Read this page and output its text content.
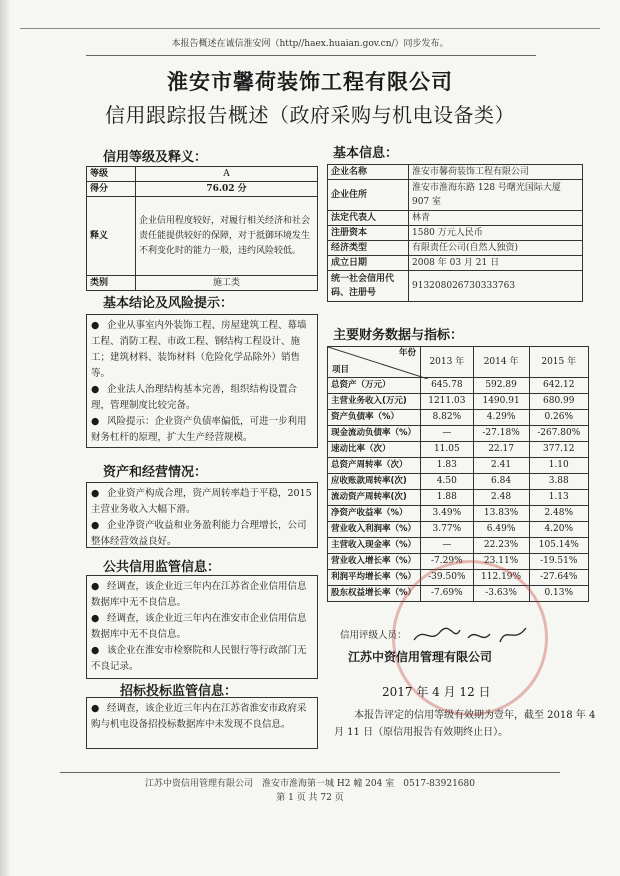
本报告概述在诚信淮安网（http//haex.huaian.gov.cn/）同步发布。
淮安市馨荷装饰工程有限公司
信用跟踪报告概述（政府采购与机电设备类）
信用等级及释义：
等级	A
得分	76.02 分
释义	企业信用程度较好，对履行相关经济和社会责任能提供较好的保障，对于抵御环境发生不利变化时的能力一般，违约风险较低。
类别	施工类
基本信息：
企业名称	淮安市馨荷装饰工程有限公司
企业住所	淮安市淮海东路 128 号曙光国际大厦 907 室
法定代表人	林青
注册资本	1580 万元人民币
经济类型	有限责任公司(自然人独资)
成立日期	2008 年 03 月 21 日
统一社会信用代码、注册号	913208026730333763
基本结论及风险提示：

● 企业从事室内外装饰工程、房屋建筑工程、幕墙工程、消防工程、市政工程、钢结构工程设计、施工；建筑材料、装饰材料（危险化学品除外）销售等。

● 企业法人治理结构基本完善，组织结构设置合理，管理制度比较完备。

● 风险提示：企业资产负债率偏低，可进一步利用财务杠杆的原理，扩大生产经营规模。

资产和经营情况：

● 企业资产构成合理，资产周转率趋于平稳，2015 主营业务收入大幅下滑。

● 企业净资产收益和业务盈利能力合理增长，公司整体经营效益良好。

公共信用监管信息：

● 经调查，该企业近三年内在江苏省企业信用信息数据库中无不良信息。

● 经调查，该企业近三年内在淮安市企业信用信息数据库中无不良信息。

● 该企业在淮安市检察院和人民银行等行政部门无不良记录。

招标投标监管信息：

● 经调查，该企业近三年内在江苏省淮安市政府采购与机电设备招投标数据库中未发现不良信息。

主要财务数据与指标：
年份
项目	2013 年	2014 年	2015 年
总资产（万元）	645.78	592.89	642.12
主营业务收入(万元)	1211.03	1490.91	680.99
资产负债率（%）	8.82%	4.29%	0.26%
现金流动负债率（%）	—	-27.18%	-267.80%
速动比率（次）	11.05	22.17	377.12
总资产周转率（次）	1.83	2.41	1.10
应收账款周转率(次)	4.50	6.84	3.88
流动资产周转率(次)	1.88	2.48	1.13
净资产收益率（%）	3.49%	13.83%	2.48%
营业收入利润率（%）	3.77%	6.49%	4.20%
主营收入现金率（%）	—	22.23%	105.14%
营业收入增长率（%）	-7.29%	23.11%	-19.51%
利润平均增长率（%）	-39.50%	112.19%	-27.64%
股东权益增长率（%）	-7.69%	-3.63%	0.13%
信用评级人员：
江苏中资信用管理有限公司
2017 年 4 月 12 日
本报告评定的信用等级有效期为壹年，截至 2018 年 4 月 11 日（原信用报告有效期终止日）。
江苏中资信用管理有限公司　淮安市淮海第一城 H2 幢 204 室　0517-83921680
第 1 页 共 72 页
